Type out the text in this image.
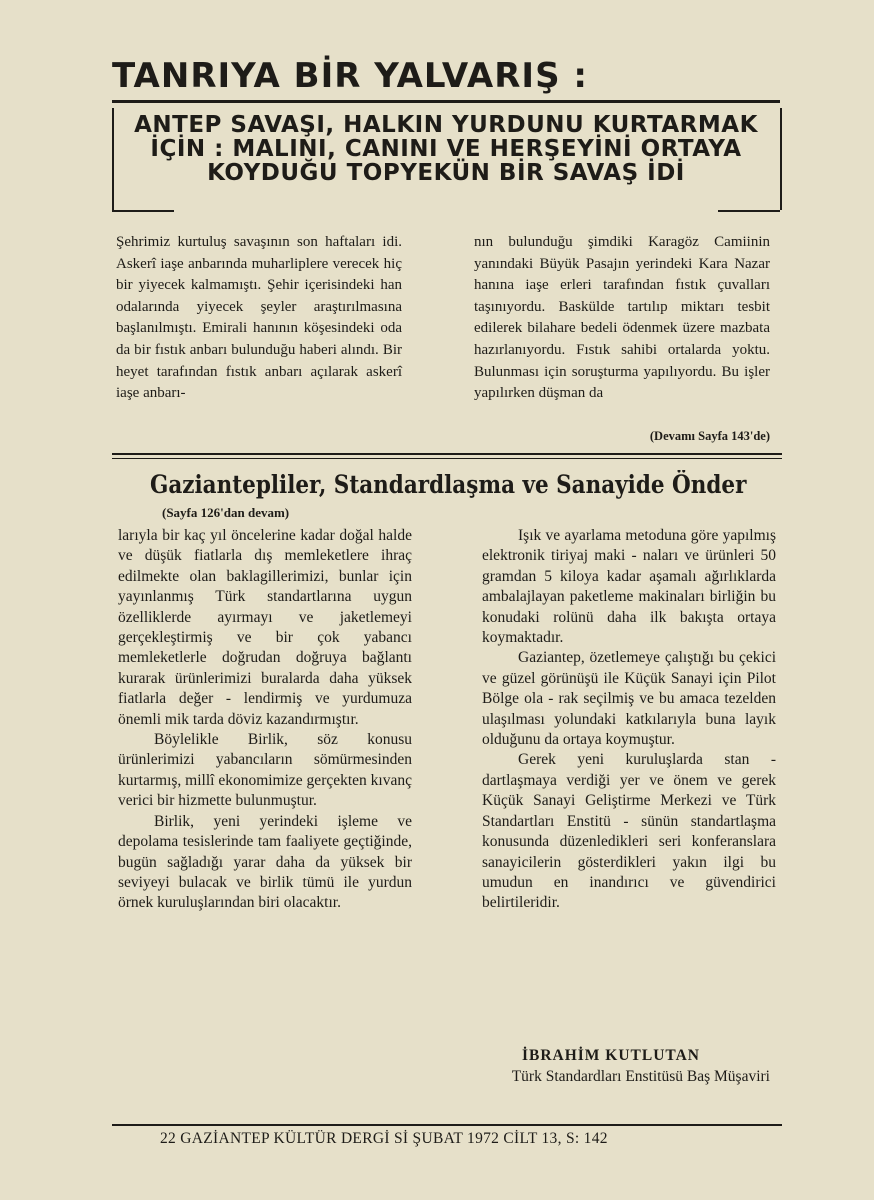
TANRIYA BİR YALVARIŞ :
ANTEP SAVAŞI, HALKIN YURDUNU KURTARMAK İÇİN : MALINI, CANINI VE HERŞEYİNİ ORTAYA KOYDUĞU TOPYEKÜN BİR SAVAŞ İDİ

Şehrimiz kurtuluş savaşının son haftaları idi. Askerî iaşe anbarında muharliplere verecek hiç bir yiyecek kalmamıştı. Şehir içerisindeki han odalarında yiyecek şeyler araştırılmasına başlanılmıştı. Emirali hanının köşesindeki oda da bir fıstık anbarı bulunduğu haberi alındı. Bir heyet tarafından fıstık anbarı açılarak askerî iaşe anbarı-

nın bulunduğu şimdiki Karagöz Camiinin yanındaki Büyük Pasajın yerindeki Kara Nazar hanına iaşe erleri tarafından fıstık çuvalları taşınıyordu. Baskülde tartılıp miktarı tesbit edilerek bilahare bedeli ödenmek üzere mazbata hazırlanıyordu. Fıstık sahibi ortalarda yoktu. Bulunması için soruşturma yapılıyordu. Bu işler yapılırken düşman da

(Devamı Sayfa 143'de)

Gaziantepliler, Standardlaşma ve Sanayide Önder

(Sayfa 126'dan devam)

larıyla bir kaç yıl öncelerine kadar doğal halde ve düşük fiatlarla dış memleketlere ihraç edilmekte olan baklagillerimizi, bunlar için yayınlanmış Türk standartlarına uygun özelliklerde ayırmayı ve jaketlemeyi gerçekleştirmiş ve bir çok yabancı memleketlerle doğrudan doğruya bağlantı kurarak ürünlerimizi buralarda daha yüksek fiatlarla değer - lendirmiş ve yurdumuza önemli mik tarda döviz kazandırmıştır.

Böylelikle Birlik, söz konusu ürünlerimizi yabancıların sömürmesinden kurtarmış, millî ekonomimize gerçekten kıvanç verici bir hizmette bulunmuştur.

Birlik, yeni yerindeki işleme ve depolama tesislerinde tam faaliyete geçtiğinde, bugün sağladığı yarar daha da yüksek bir seviyeyi bulacak ve birlik tümü ile yurdun örnek kuruluşlarından biri olacaktır.

Işık ve ayarlama metoduna göre yapılmış elektronik tiriyaj maki - naları ve ürünleri 50 gramdan 5 kiloya kadar aşamalı ağırlıklarda ambalajlayan paketleme makinaları birliğin bu konudaki rolünü daha ilk bakışta ortaya koymaktadır.

Gaziantep, özetlemeye çalıştığı bu çekici ve güzel görünüşü ile Küçük Sanayi için Pilot Bölge ola - rak seçilmiş ve bu amaca tezelden ulaşılması yolundaki katkılarıyla buna layık olduğunu da ortaya koymuştur.

Gerek yeni kuruluşlarda stan - dartlaşmaya verdiği yer ve önem ve gerek Küçük Sanayi Geliştirme Merkezi ve Türk Standartları Enstitü - sünün standartlaşma konusunda düzenledikleri seri konferanslara sanayicilerin gösterdikleri yakın ilgi bu umudun en inandırıcı ve güvendirici belirtileridir.

İBRAHİM KUTLUTAN
Türk Standardları Enstitüsü Baş Müşaviri

22 GAZİANTEP KÜLTÜR DERGİ Sİ ŞUBAT 1972 CİLT 13, S: 142
